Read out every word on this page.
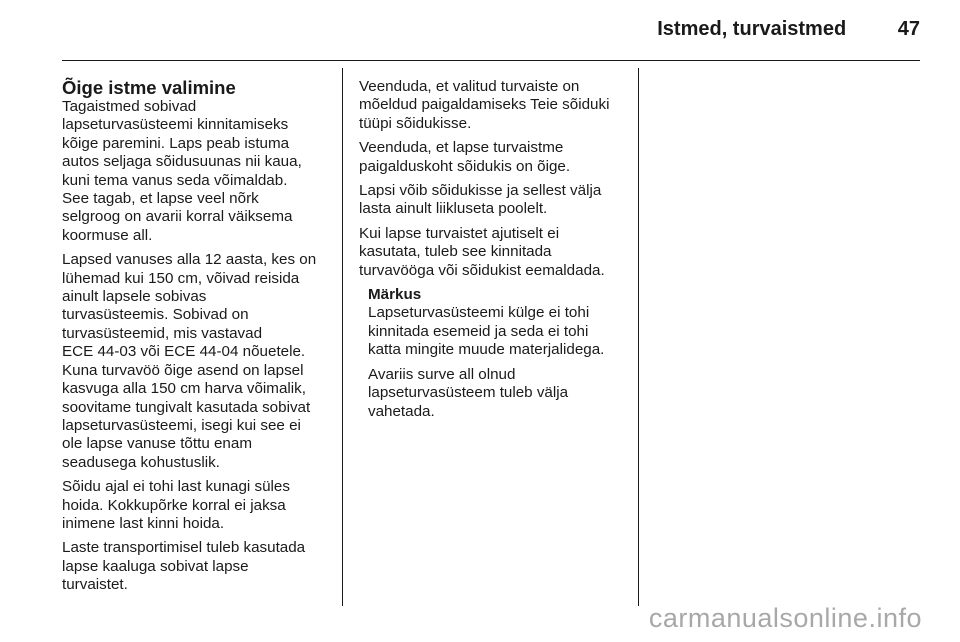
Istmed, turvaistmed	47
Õige istme valimine

Tagaistmed sobivad
lapseturvasüsteemi kinnitamiseks
kõige paremini. Laps peab istuma
autos seljaga sõidusuunas nii kaua,
kuni tema vanus seda võimaldab.
See tagab, et lapse veel nõrk
selgroog on avarii korral väiksema
koormuse all.

Lapsed vanuses alla 12 aasta, kes on
lühemad kui 150 cm, võivad reisida
ainult lapsele sobivas
turvasüsteemis. Sobivad on
turvasüsteemid, mis vastavad
ECE 44-03 või ECE 44-04 nõuetele.
Kuna turvavöö õige asend on lapsel
kasvuga alla 150 cm harva võimalik,
soovitame tungivalt kasutada sobivat
lapseturvasüsteemi, isegi kui see ei
ole lapse vanuse tõttu enam
seadusega kohustuslik.

Sõidu ajal ei tohi last kunagi süles
hoida. Kokkupõrke korral ei jaksa
inimene last kinni hoida.

Laste transportimisel tuleb kasutada
lapse kaaluga sobivat lapse
turvaistet.

Veenduda, et valitud turvaiste on
mõeldud paigaldamiseks Teie sõiduki
tüüpi sõidukisse.

Veenduda, et lapse turvaistme
paigalduskoht sõidukis on õige.

Lapsi võib sõidukisse ja sellest välja
lasta ainult liikluseta poolelt.

Kui lapse turvaistet ajutiselt ei
kasutata, tuleb see kinnitada
turvavööga või sõidukist eemaldada.

Märkus

Lapseturvasüsteemi külge ei tohi
kinnitada esemeid ja seda ei tohi
katta mingite muude materjalidega.

Avariis surve all olnud
lapseturvasüsteem tuleb välja
vahetada.

carmanualsonline.info
